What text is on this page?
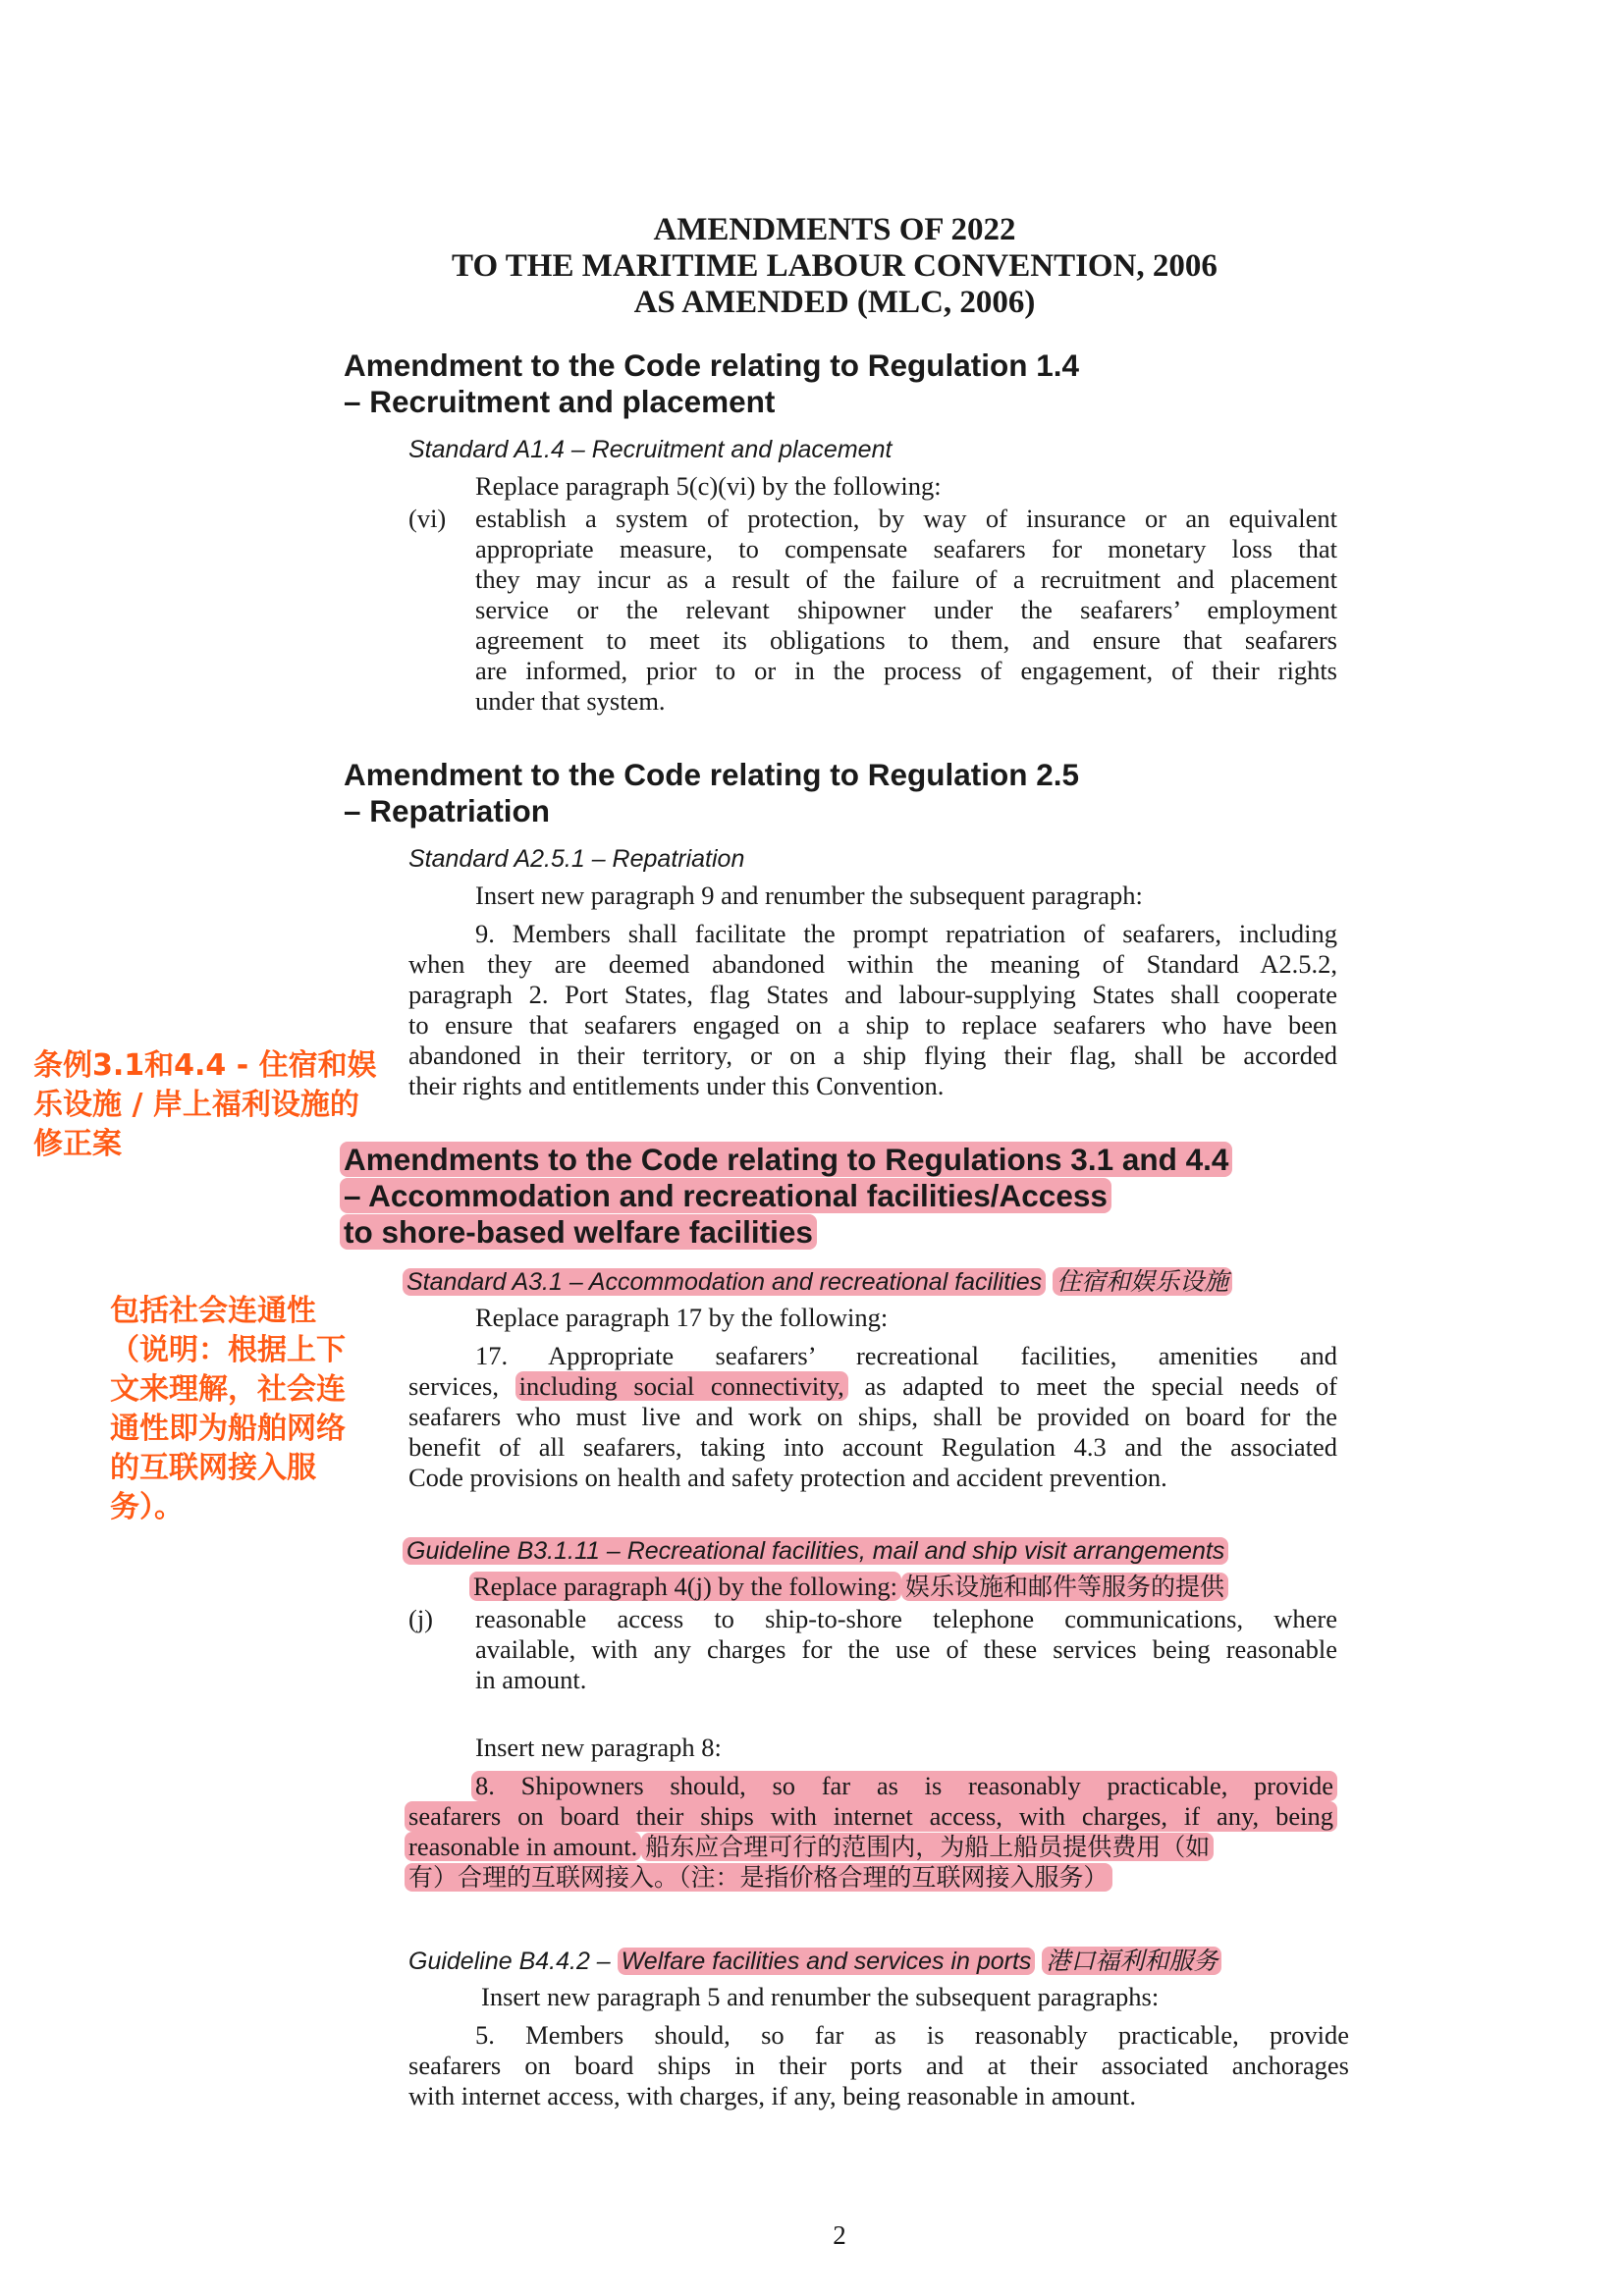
AMENDMENTS OF 2022
TO THE MARITIME LABOUR CONVENTION, 2006
AS AMENDED (MLC, 2006)
Amendment to the Code relating to Regulation 1.4
– Recruitment and placement
Standard A1.4 – Recruitment and placement
Replace paragraph 5(c)(vi) by the following:
(vi) establish a system of protection, by way of insurance or an equivalent
appropriate measure, to compensate seafarers for monetary loss that
they may incur as a result of the failure of a recruitment and placement
service or the relevant shipowner under the seafarers’ employment
agreement to meet its obligations to them, and ensure that seafarers
are informed, prior to or in the process of engagement, of their rights
under that system.
Amendment to the Code relating to Regulation 2.5
– Repatriation
Standard A2.5.1 – Repatriation
Insert new paragraph 9 and renumber the subsequent paragraph:
9. Members shall facilitate the prompt repatriation of seafarers, including
when they are deemed abandoned within the meaning of Standard A2.5.2,
paragraph 2. Port States, flag States and labour-supplying States shall cooperate
to ensure that seafarers engaged on a ship to replace seafarers who have been
abandoned in their territory, or on a ship flying their flag, shall be accorded
their rights and entitlements under this Convention.
条例3.1和4.4 - 住宿和娱
乐设施 / 岸上福利设施的
修正案	Amendments to the Code relating to Regulations 3.1 and 4.4
– Accommodation and recreational facilities/Access
to shore-based welfare facilities
Standard A3.1 – Accommodation and recreational facilities 住宿和娱乐设施
Replace paragraph 17 by the following:
17. Appropriate seafarers’ recreational facilities, amenities and
services, including social connectivity, as adapted to meet the special needs of
seafarers who must live and work on ships, shall be provided on board for the
benefit of all seafarers, taking into account Regulation 4.3 and the associated
Code provisions on health and safety protection and accident prevention.
包括社会连通性
（说明：根据上下
文来理解，社会连
通性即为船舶网络
的互联网接入服
务）。
Guideline B3.1.11 – Recreational facilities, mail and ship visit arrangements
Replace paragraph 4(j) by the following: 娱乐设施和邮件等服务的提供
(j) reasonable access to ship-to-shore telephone communications, where
available, with any charges for the use of these services being reasonable
in amount.
Insert new paragraph 8:
8. Shipowners should, so far as is reasonably practicable, provide
seafarers on board their ships with internet access, with charges, if any, being
reasonable in amount. 船东应合理可行的范围内，为船上船员提供费用（如
有）合理的互联网接入。（注：是指价格合理的互联网接入服务）
Guideline B4.4.2 – Welfare facilities and services in ports 港口福利和服务
Insert new paragraph 5 and renumber the subsequent paragraphs:
5. Members should, so far as is reasonably practicable, provide
seafarers on board ships in their ports and at their associated anchorages
with internet access, with charges, if any, being reasonable in amount.
2
